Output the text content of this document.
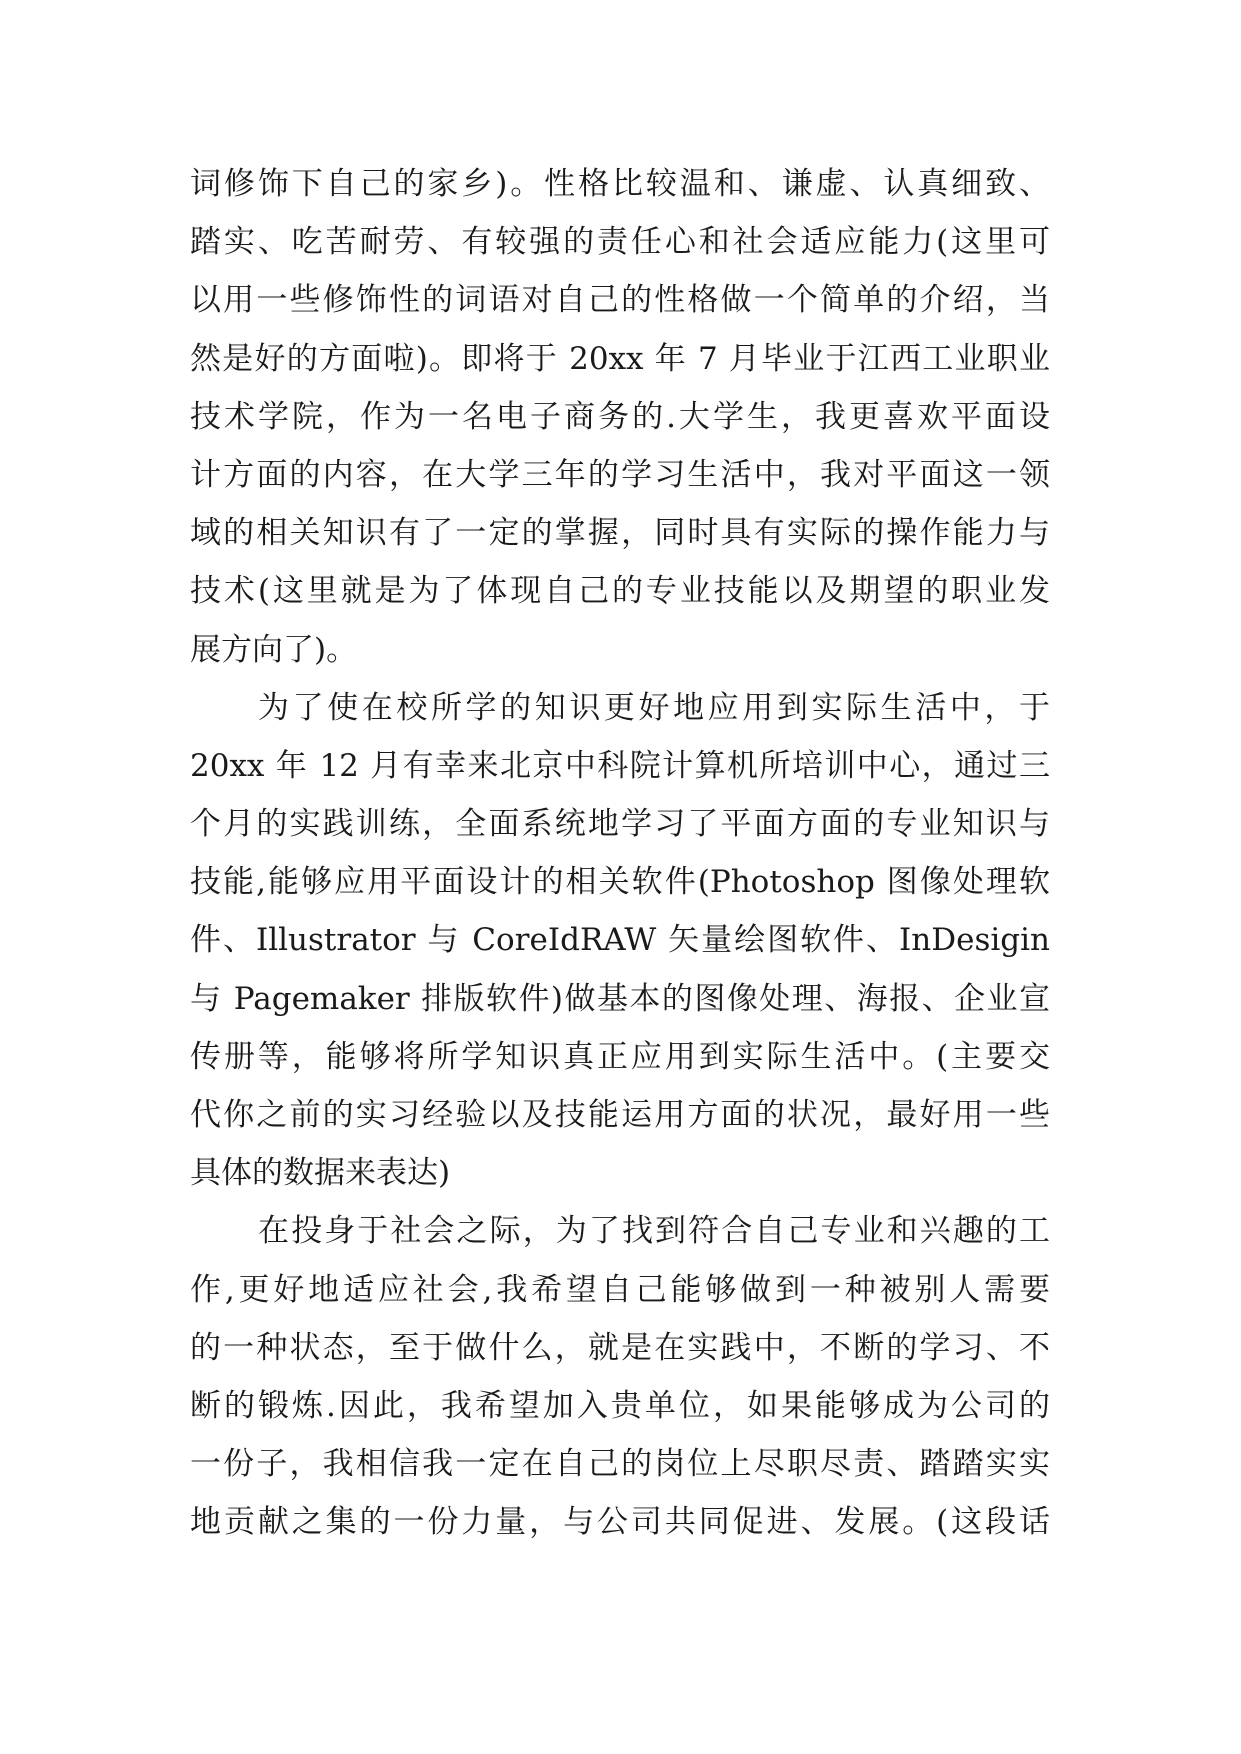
词修饰下自己的家乡)。性格比较温和、谦虚、认真细致、
踏实、吃苦耐劳、有较强的责任心和社会适应能力(这里可
以用一些修饰性的词语对自己的性格做一个简单的介绍，当
然是好的方面啦)。即将于 20xx 年 7 月毕业于江西工业职业
技术学院，作为一名电子商务的.大学生，我更喜欢平面设
计方面的内容，在大学三年的学习生活中，我对平面这一领
域的相关知识有了一定的掌握，同时具有实际的操作能力与
技术(这里就是为了体现自己的专业技能以及期望的职业发
展方向了)。
为了使在校所学的知识更好地应用到实际生活中，于
20xx 年 12 月有幸来北京中科院计算机所培训中心，通过三
个月的实践训练，全面系统地学习了平面方面的专业知识与
技能,能够应用平面设计的相关软件(Photoshop 图像处理软
件、Illustrator 与 CoreIdRAW 矢量绘图软件、InDesigin
与 Pagemaker 排版软件)做基本的图像处理、海报、企业宣
传册等，能够将所学知识真正应用到实际生活中。(主要交
代你之前的实习经验以及技能运用方面的状况，最好用一些
具体的数据来表达)
在投身于社会之际，为了找到符合自己专业和兴趣的工
作,更好地适应社会,我希望自己能够做到一种被别人需要
的一种状态，至于做什么，就是在实践中，不断的学习、不
断的锻炼.因此，我希望加入贵单位，如果能够成为公司的
一份子，我相信我一定在自己的岗位上尽职尽责、踏踏实实
地贡献之集的一份力量，与公司共同促进、发展。(这段话
